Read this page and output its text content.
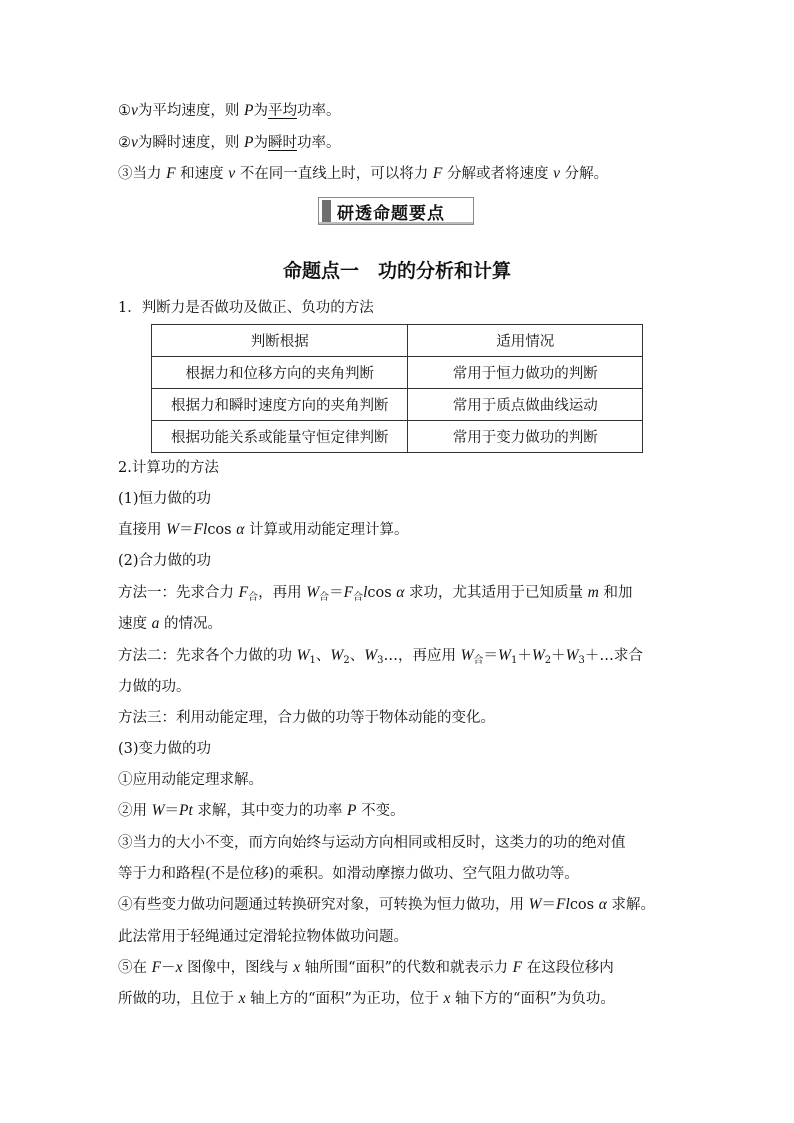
①v为平均速度，则 P为平均功率。
②v为瞬时速度，则 P为瞬时功率。
③当力 F 和速度 v 不在同一直线上时，可以将力 F 分解或者将速度 v 分解。
研透命题要点
命题点一　功的分析和计算
1．判断力是否做功及做正、负功的方法
判断根据	适用情况
根据力和位移方向的夹角判断	常用于恒力做功的判断
根据力和瞬时速度方向的夹角判断	常用于质点做曲线运动
根据功能关系或能量守恒定律判断	常用于变力做功的判断
2.计算功的方法
(1)恒力做的功
直接用 W＝Flcos α 计算或用动能定理计算。
(2)合力做的功
方法一：先求合力 $F_合$，再用 $W_合=F_合lcos$ α 求功，尤其适用于已知质量 m 和加
速度 a 的情况。
方法二：先求各个力做的功 $W_1$、$W_2$、$W_3\dots$，再应用 $W_合=W_1+W_2+W_3+\dots$求合
力做的功。
方法三：利用动能定理，合力做的功等于物体动能的变化。
(3)变力做的功
①应用动能定理求解。
②用 W＝Pt 求解，其中变力的功率 P 不变。
③当力的大小不变，而方向始终与运动方向相同或相反时，这类力的功的绝对值
等于力和路程(不是位移)的乘积。如滑动摩擦力做功、空气阻力做功等。
④有些变力做功问题通过转换研究对象，可转换为恒力做功，用 W＝Flcos α 求解。
此法常用于轻绳通过定滑轮拉物体做功问题。
⑤在 F－x 图像中，图线与 x 轴所围“面积”的代数和就表示力 F 在这段位移内
所做的功，且位于 x 轴上方的“面积”为正功，位于 x 轴下方的“面积”为负功。
